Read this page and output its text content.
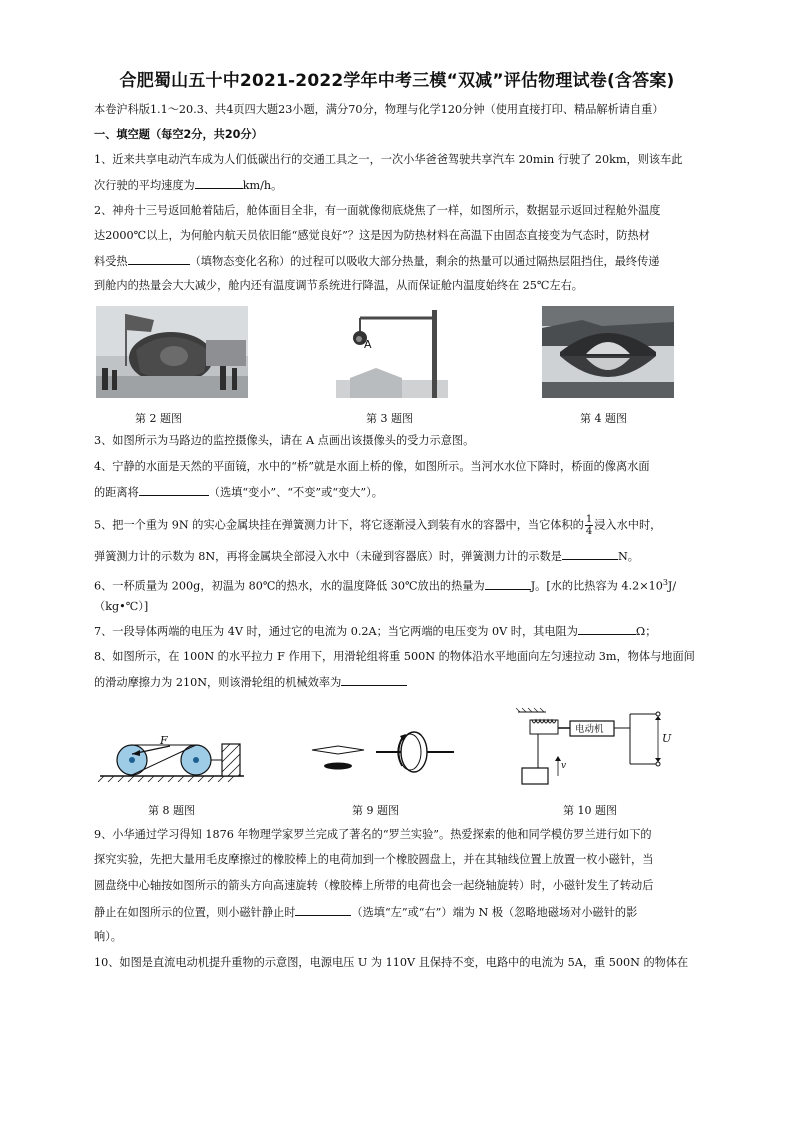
合肥蜀山五十中2021-2022学年中考三模“双减”评估物理试卷(含答案)
本卷沪科版1.1～20.3、共4页四大题23小题，满分70分，物理与化学120分钟（使用直接打印、精品解析请自重）
一、填空题（每空2分，共20分）
1、近来共享电动汽车成为人们低碳出行的交通工具之一，一次小华爸爸驾驶共享汽车 20min 行驶了 20km，则该车此
次行驶的平均速度为	km/h。
2、神舟十三号返回舱着陆后，舱体面目全非，有一面就像彻底烧焦了一样，如图所示，数据显示返回过程舱外温度
达2000℃以上，为何舱内航天员依旧能“感觉良好”？这是因为防热材料在高温下由固态直接变为气态时，防热材
料受热	（填物态变化名称）的过程可以吸收大部分热量，剩余的热量可以通过隔热层阻挡住，最终传递
到舱内的热量会大大减少，舱内还有温度调节系统进行降温，从而保证舱内温度始终在 25℃左右。
A
第 2 题图	第 3 题图	第 4 题图
3、如图所示为马路边的监控摄像头，请在 A 点画出该摄像头的受力示意图。
4、宁静的水面是天然的平面镜，水中的“桥”就是水面上桥的像，如图所示。当河水水位下降时，桥面的像离水面
的距离将	（选填“变小”、“不变”或“变大”）。
5、把一个重为 9N 的实心金属块挂在弹簧测力计下，将它逐渐浸入到装有水的容器中，当它体积的 $\frac{1}{4}$ 浸入水中时，
弹簧测力计的示数为 8N，再将金属块全部浸入水中（未碰到容器底）时，弹簧测力计的示数是	N。
6、一杯质量为 200g，初温为 80℃的热水，水的温度降低 30℃放出的热量为	J。[水的比热容为 $4.2\times 10^3J/$
（kg•℃）]
7、一段导体两端的电压为 4V 时，通过它的电流为 0.2A；当它两端的电压变为 0V 时，其电阻为	Ω；
8、如图所示，在 100N 的水平拉力 F 作用下，用滑轮组将重 500N 的物体沿水平地面向左匀速拉动 3m，物体与地面间
的滑动摩擦力为 210N，则该滑轮组的机械效率为
F
电动机
U
v
第 8 题图	第 9 题图	第 10 题图
9、小华通过学习得知 1876 年物理学家罗兰完成了著名的“罗兰实验”。热爱探索的他和同学模仿罗兰进行如下的
探究实验，先把大量用毛皮摩擦过的橡胶棒上的电荷加到一个橡胶圆盘上，并在其轴线位置上放置一枚小磁针，当
圆盘绕中心轴按如图所示的箭头方向高速旋转（橡胶棒上所带的电荷也会一起绕轴旋转）时，小磁针发生了转动后
静止在如图所示的位置，则小磁针静止时	（选填“左”或“右”）端为 N 极（忽略地磁场对小磁针的影
响）。
10、如图是直流电动机提升重物的示意图，电源电压 U 为 110V 且保持不变，电路中的电流为 5A，重 500N 的物体在
